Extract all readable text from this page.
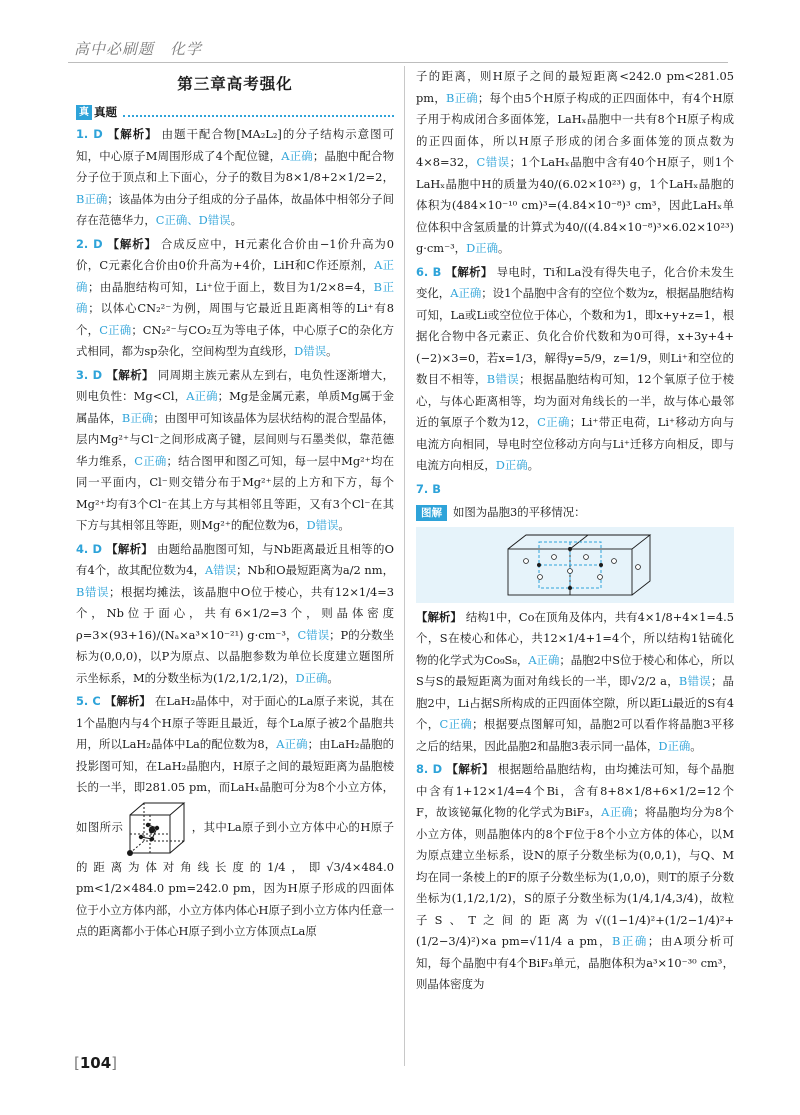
高中必刷题　化学
第三章高考强化
真 真题
1. D 【解析】 由题干配合物[MA₂L₂]的分子结构示意图可知，中心原子M周围形成了4个配位键，A正确；晶胞中配合物分子位于顶点和上下面心，分子的数目为8×1/8+2×1/2=2，B正确；该晶体为由分子组成的分子晶体，故晶体中相邻分子间存在范德华力，C正确、D错误。
2. D 【解析】 合成反应中，H元素化合价由−1价升高为0价，C元素化合价由0价升高为+4价，LiH和C作还原剂，A正确；由晶胞结构可知，Li⁺位于面上，数目为1/2×8=4，B正确；以体心CN₂²⁻为例，周围与它最近且距离相等的Li⁺有8个，C正确；CN₂²⁻与CO₂互为等电子体，中心原子C的杂化方式相同，都为sp杂化，空间构型为直线形，D错误。
3. D 【解析】 同周期主族元素从左到右，电负性逐渐增大，则电负性：Mg<Cl，A正确；Mg是金属元素，单质Mg属于金属晶体，B正确；由图甲可知该晶体为层状结构的混合型晶体，层内Mg²⁺与Cl⁻之间形成离子键，层间则与石墨类似，靠范德华力维系，C正确；结合图甲和图乙可知，每一层中Mg²⁺均在同一平面内，Cl⁻则交错分布于Mg²⁺层的上方和下方，每个Mg²⁺均有3个Cl⁻在其上方与其相邻且等距，又有3个Cl⁻在其下方与其相邻且等距，则Mg²⁺的配位数为6，D错误。
4. D 【解析】 由题给晶胞图可知，与Nb距离最近且相等的O有4个，故其配位数为4，A错误；Nb和O最短距离为a/2 nm，B错误；根据均摊法，该晶胞中O位于棱心，共有12×1/4=3个，Nb位于面心，共有6×1/2=3个，则晶体密度ρ=3×(93+16)/(Nₐ×a³×10⁻²¹) g·cm⁻³，C错误；P的分数坐标为(0,0,0)，以P为原点、以晶胞参数为单位长度建立题图所示坐标系，M的分数坐标为(1/2,1/2,1/2)，D正确。
5. C 【解析】 在LaH₂晶体中，对于面心的La原子来说，其在1个晶胞内与4个H原子等距且最近，每个La原子被2个晶胞共用，所以LaH₂晶体中La的配位数为8，A正确；由LaH₂晶胞的投影图可知，在LaH₂晶胞内，H原子之间的最短距离为晶胞棱长的一半，即281.05 pm，而LaHₓ晶胞可分为8个小立方体，如图所示	，其中La原子到小立方体中心的H原子的距离为体对角线长度的1/4，即√3/4×484.0 pm<1/2×484.0 pm=242.0 pm，因为H原子形成的四面体位于小立方体内部，小立方体内体心H原子到小立方体内任意一点的距离都小于体心H原子到小立方体顶点La原
子的距离，则H原子之间的最短距离<242.0 pm<281.05 pm，B正确；每个由5个H原子构成的正四面体中，有4个H原子用于构成闭合多面体笼，LaHₓ晶胞中一共有8个H原子构成的正四面体，所以H原子形成的闭合多面体笼的顶点数为4×8=32，C错误；1个LaHₓ晶胞中含有40个H原子，则1个LaHₓ晶胞中H的质量为40/(6.02×10²³) g，1个LaHₓ晶胞的体积为(484×10⁻¹⁰ cm)³=(4.84×10⁻⁸)³ cm³，因此LaHₓ单位体积中含氢质量的计算式为40/((4.84×10⁻⁸)³×6.02×10²³) g·cm⁻³，D正确。
6. B 【解析】 导电时，Ti和La没有得失电子，化合价未发生变化，A正确；设1个晶胞中含有的空位个数为z，根据晶胞结构可知，La或Li或空位位于体心，个数和为1，即x+y+z=1，根据化合物中各元素正、负化合价代数和为0可得，x+3y+4+(−2)×3=0，若x=1/3，解得y=5/9，z=1/9，则Li⁺和空位的数目不相等，B错误；根据晶胞结构可知，12个氧原子位于棱心，与体心距离相等，均为面对角线长的一半，故与体心最邻近的氧原子个数为12，C正确；Li⁺带正电荷，Li⁺移动方向与电流方向相同，导电时空位移动方向与Li⁺迁移方向相反，即与电流方向相反，D正确。
7. B
图解 如图为晶胞3的平移情况：
【解析】 结构1中，Co在顶角及体内，共有4×1/8+4×1=4.5个，S在棱心和体心，共12×1/4+1=4个，所以结构1钴硫化物的化学式为Co₉S₈，A正确；晶胞2中S位于棱心和体心，所以S与S的最短距离为面对角线长的一半，即√2/2 a，B错误；晶胞2中，Li占据S所构成的正四面体空隙，所以距Li最近的S有4个，C正确；根据要点图解可知，晶胞2可以看作将晶胞3平移之后的结果，因此晶胞2和晶胞3表示同一晶体，D正确。
8. D 【解析】 根据题给晶胞结构，由均摊法可知，每个晶胞中含有1+12×1/4=4个Bi，含有8+8×1/8+6×1/2=12个F，故该铋氟化物的化学式为BiF₃，A正确；将晶胞均分为8个小立方体，则晶胞体内的8个F位于8个小立方体的体心，以M为原点建立坐标系，设N的原子分数坐标为(0,0,1)，与Q、M均在同一条棱上的F的原子分数坐标为(1,0,0)，则T的原子分数坐标为(1,1/2,1/2)，S的原子分数坐标为(1/4,1/4,3/4)，故粒子S、T之间的距离为√((1−1/4)²+(1/2−1/4)²+(1/2−3/4)²)×a pm=√11/4 a pm，B正确；由A项分析可知，每个晶胞中有4个BiF₃单元，晶胞体积为a³×10⁻³⁰ cm³，则晶体密度为
[104]
